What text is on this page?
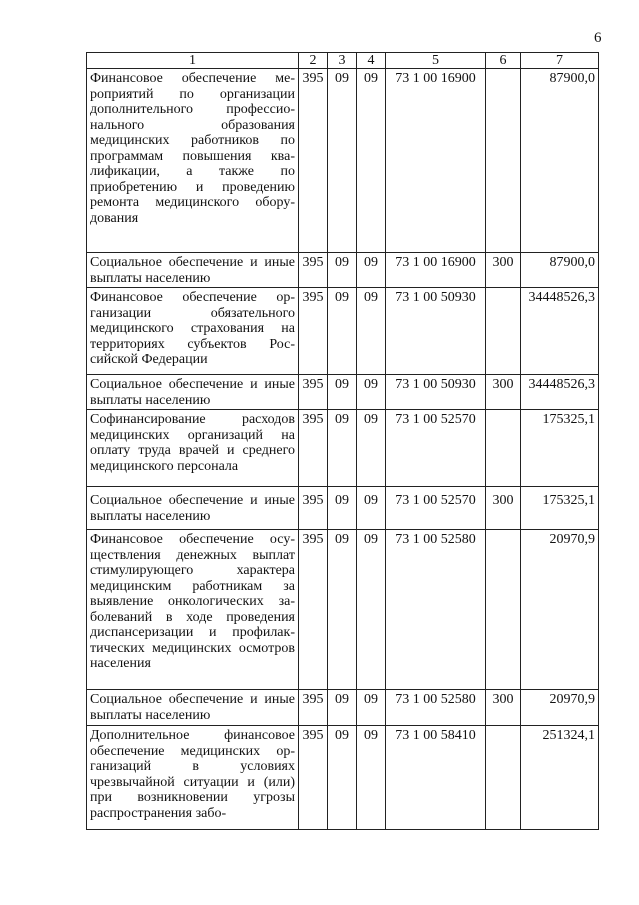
6
1	2	3	4	5	6	7
Финансовое обеспечение мероприятий по организации дополнительного профессионального образования медицинских работников по программам повышения квалификации, а также по приобретению и проведению ремонта медицинского оборудования	395	09	09	73 1 00 16900		87900,0
Социальное обеспечение и иные выплаты населению	395	09	09	73 1 00 16900	300	87900,0
Финансовое обеспечение организации обязательного медицинского страхования на территориях субъектов Российской Федерации	395	09	09	73 1 00 50930		34448526,3
Социальное обеспечение и иные выплаты населению	395	09	09	73 1 00 50930	300	34448526,3
Софинансирование расходов медицинских организаций на оплату труда врачей и среднего медицинского персонала	395	09	09	73 1 00 52570		175325,1
Социальное обеспечение и иные выплаты населению	395	09	09	73 1 00 52570	300	175325,1
Финансовое обеспечение осуществления денежных выплат стимулирующего характера медицинским работникам за выявление онкологических заболеваний в ходе проведения диспансеризации и профилактических медицинских осмотров населения	395	09	09	73 1 00 52580		20970,9
Социальное обеспечение и иные выплаты населению	395	09	09	73 1 00 52580	300	20970,9
Дополнительное финансовое обеспечение медицинских организаций в условиях чрезвычайной ситуации и (или) при возникновении угрозы распространения забо-	395	09	09	73 1 00 58410		251324,1
